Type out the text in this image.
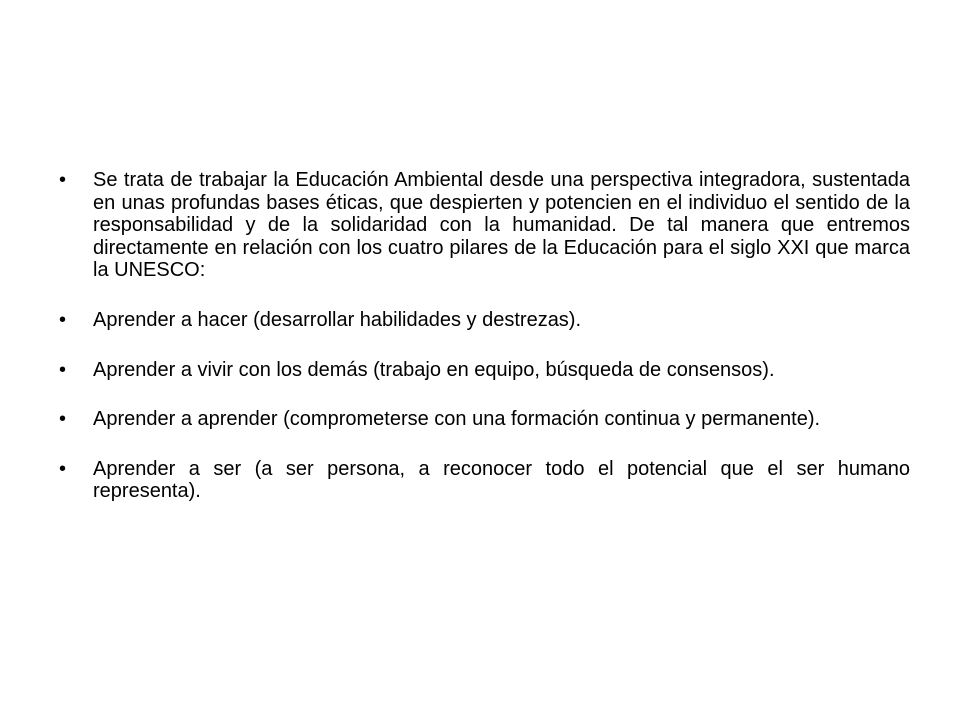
•	Se trata de trabajar la Educación Ambiental desde una perspectiva integradora, sustentada en unas profundas bases éticas, que despierten y potencien en el individuo el sentido de la responsabilidad y de la solidaridad con la humanidad. De tal manera que entremos directamente en relación con los cuatro pilares de la Educación para el siglo XXI que marca la UNESCO:
•	Aprender a hacer (desarrollar habilidades y destrezas).
•	Aprender a vivir con los demás (trabajo en equipo, búsqueda de consensos).
•	Aprender a aprender (comprometerse con una formación continua y permanente).
•	Aprender a ser (a ser persona, a reconocer todo el potencial que el ser humano representa).
